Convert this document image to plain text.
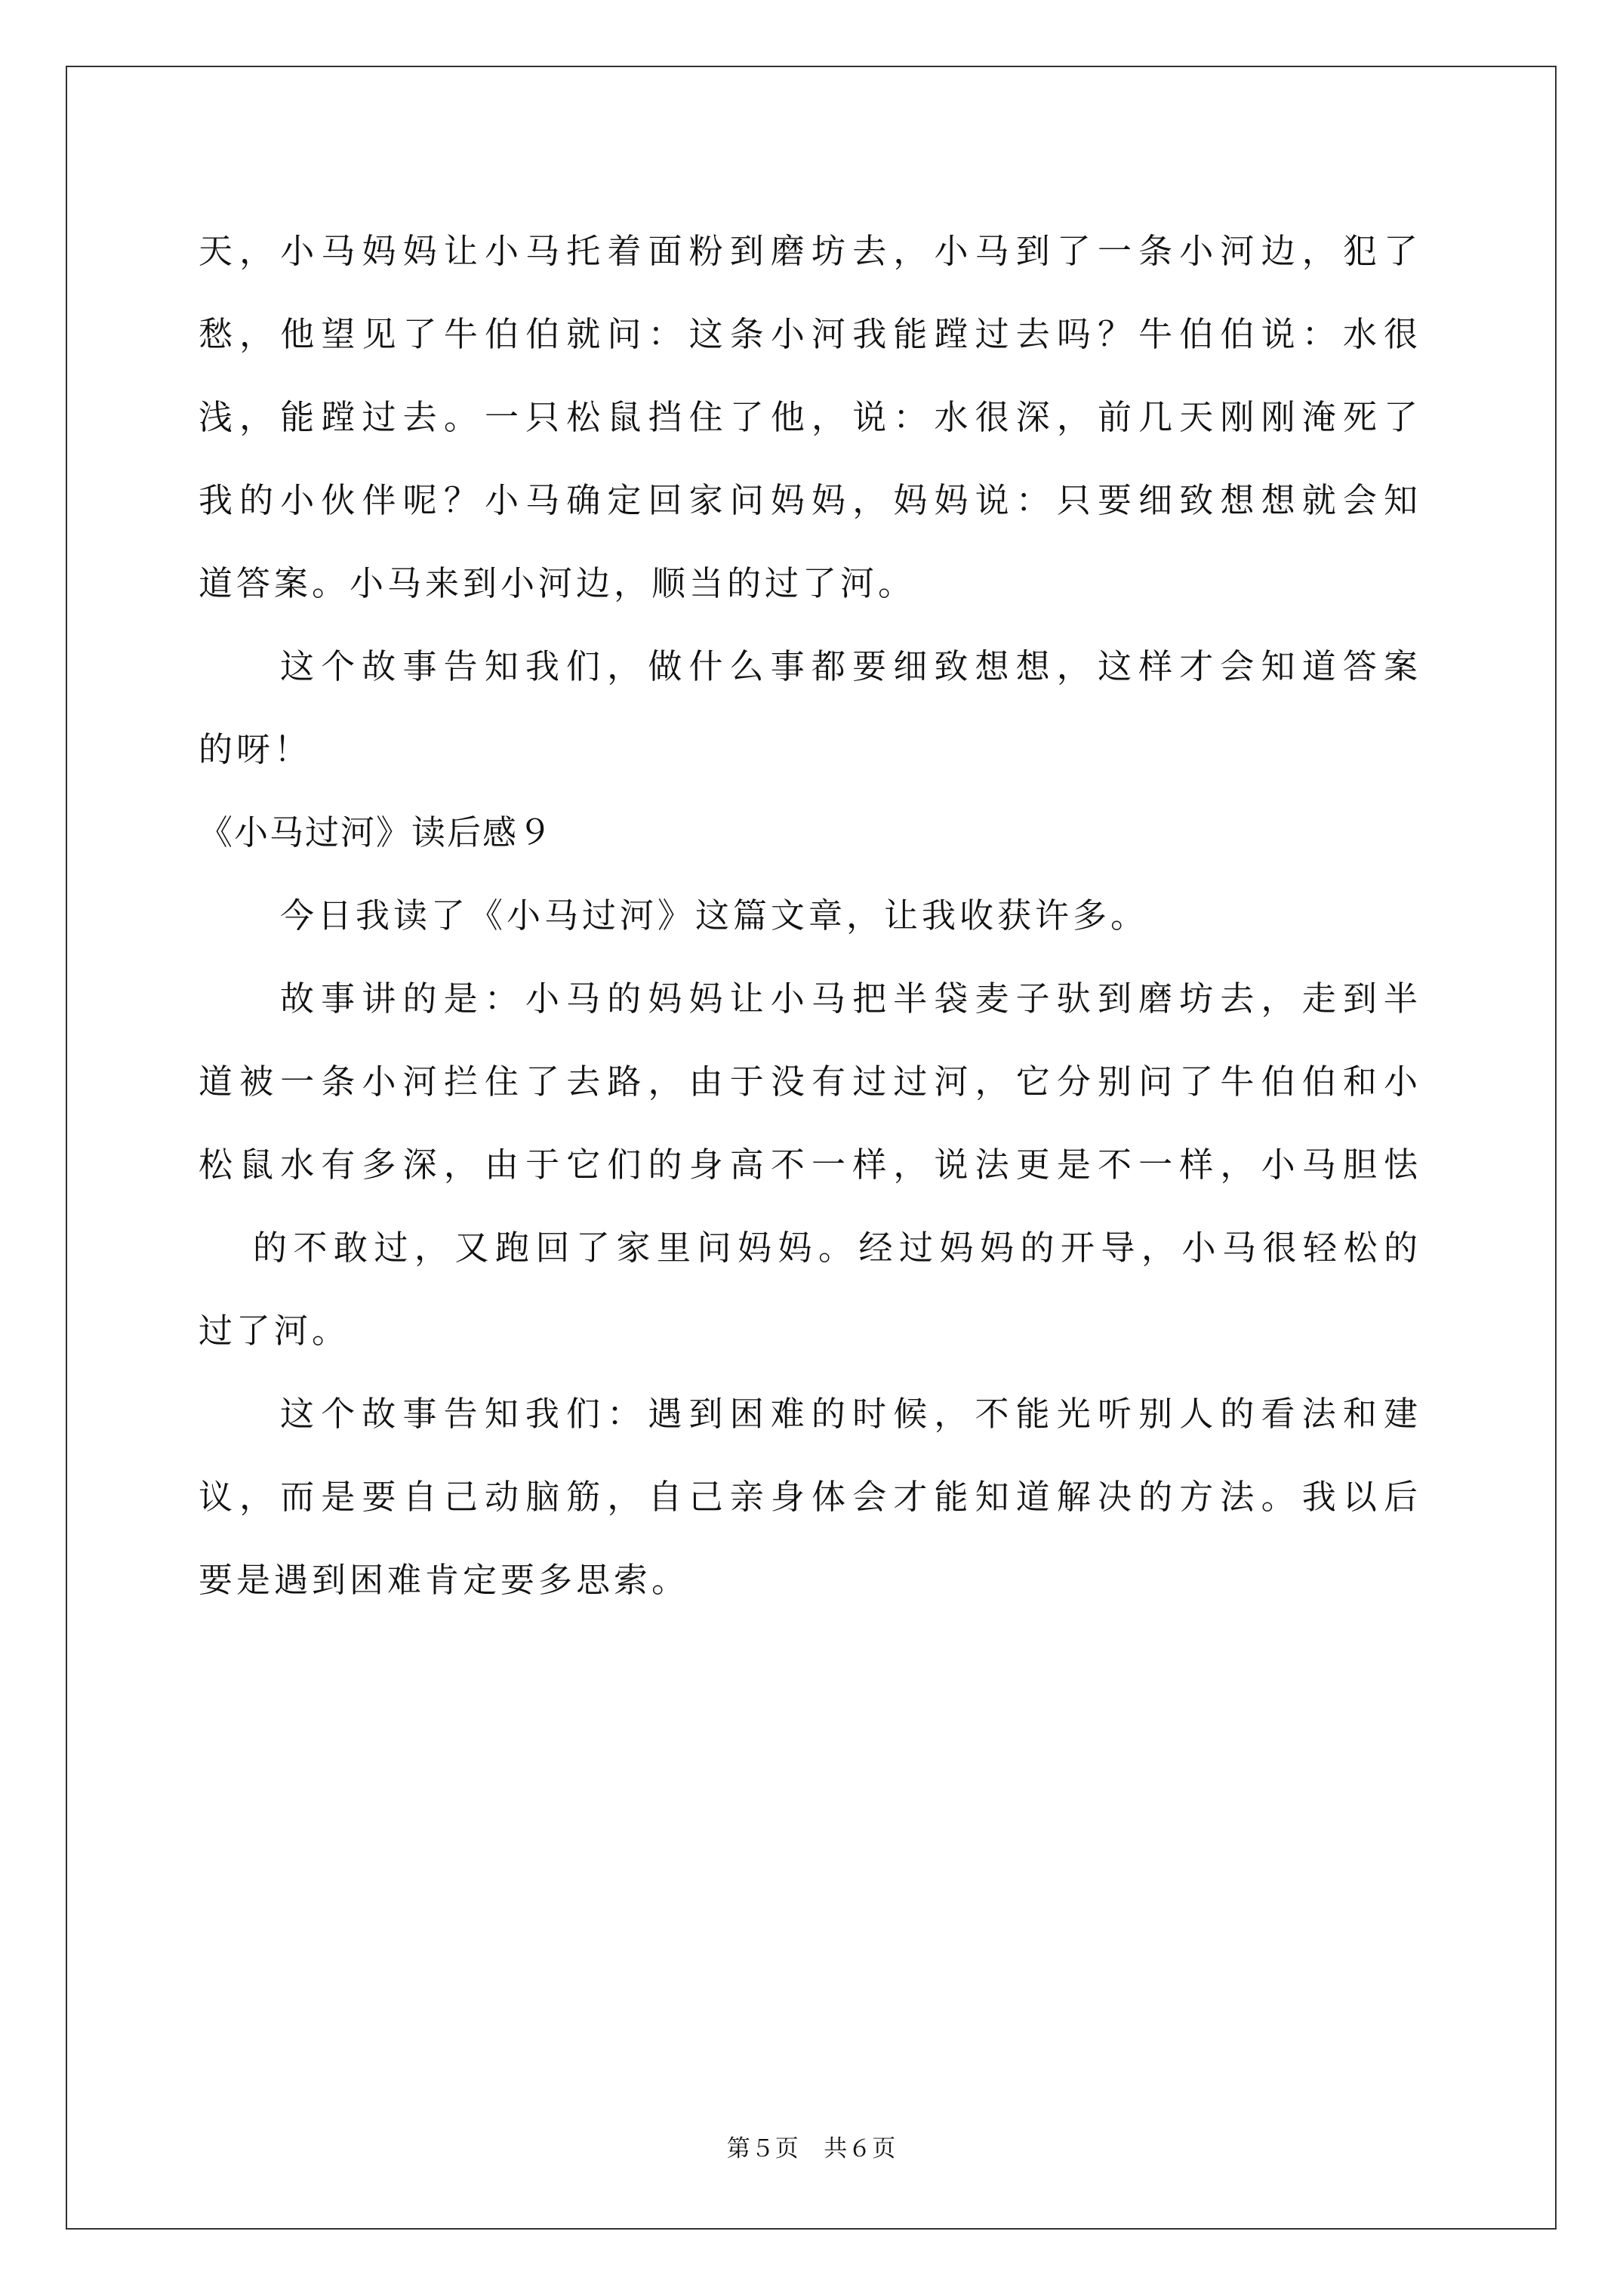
天，小马妈妈让小马托着面粉到磨坊去，小马到了一条小河边，犯了
愁，他望见了牛伯伯就问：这条小河我能蹚过去吗？牛伯伯说：水很
浅，能蹚过去。一只松鼠挡住了他，说：水很深，前几天刚刚淹死了
我的小伙伴呢？小马确定回家问妈妈，妈妈说：只要细致想想就会知
道答案。小马来到小河边，顺当的过了河。
这个故事告知我们，做什么事都要细致想想，这样才会知道答案
的呀！
《小马过河》读后感９
今日我读了《小马过河》这篇文章，让我收获许多。
故事讲的是：小马的妈妈让小马把半袋麦子驮到磨坊去，走到半
道被一条小河拦住了去路，由于没有过过河，它分别问了牛伯伯和小
松鼠水有多深，由于它们的身高不一样，说法更是不一样，小马胆怯
的不敢过，又跑回了家里问妈妈。经过妈妈的开导，小马很轻松的
过了河。
这个故事告知我们：遇到困难的时候，不能光听别人的看法和建
议，而是要自己动脑筋，自己亲身体会才能知道解决的方法。我以后
要是遇到困难肯定要多思索。
第５页 共６页
